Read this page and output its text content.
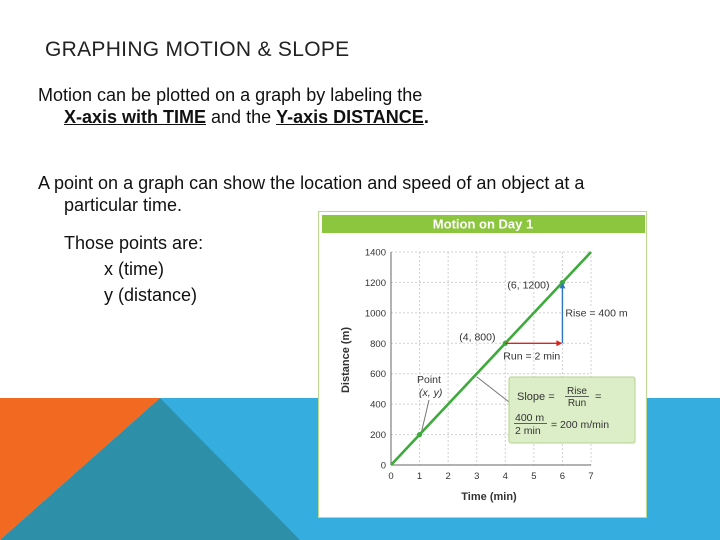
GRAPHING MOTION & SLOPE
Motion can be plotted on a graph by labeling the
X-axis with TIME and the Y-axis DISTANCE.
A point on a graph can show the location and speed of an object at a
particular time.
Those points are:
x (time)
y (distance)
Motion on Day 1
0
200
400
600
800
1000
1200
1400
0 1 2 3 4 5 6 7
Time (min)
Distance (m)	(4, 800)
(6, 1200)
Rise = 400 m
Run = 2 min
Point
(x, y)	Slope = Rise
Run
=
400 m
2 min = 200 m/min
